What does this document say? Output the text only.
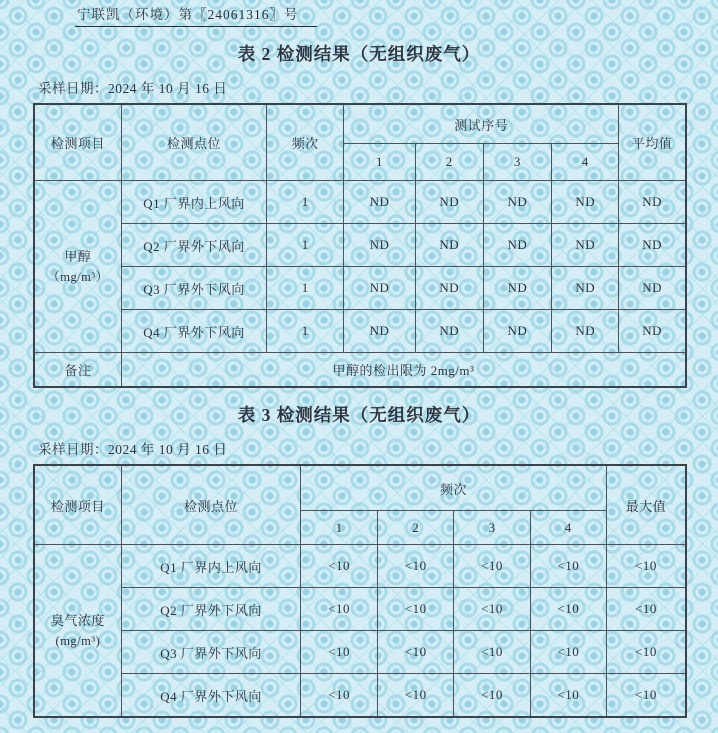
宁联凯（环境）第〖24061316〗号
表 2 检测结果（无组织废气）
采样日期：2024 年 10 月 16 日
检测项目	检测点位	频次	测试序号				平均值
			1	2	3	4	

甲醇
（mg/m³）	Q1 厂界内上风向	1	ND	ND	ND	ND	ND
	Q2 厂界外下风向	1	ND	ND	ND	ND	ND
	Q3 厂界外下风向	1	ND	ND	ND	ND	ND
	Q4 厂界外下风向	1	ND	ND	ND	ND	ND
备注	甲醇的检出限为 2mg/m³						
表 3 检测结果（无组织废气）
采样日期：2024 年 10 月 16 日
检测项目	检测点位	频次				最大值
		1	2	3	4	

臭气浓度
(mg/m³)	Q1 厂界内上风向	<10	<10	<10	<10	<10
	Q2 厂界外下风向	<10	<10	<10	<10	<10
	Q3 厂界外下风向	<10	<10	<10	<10	<10
	Q4 厂界外下风向	<10	<10	<10	<10	<10
